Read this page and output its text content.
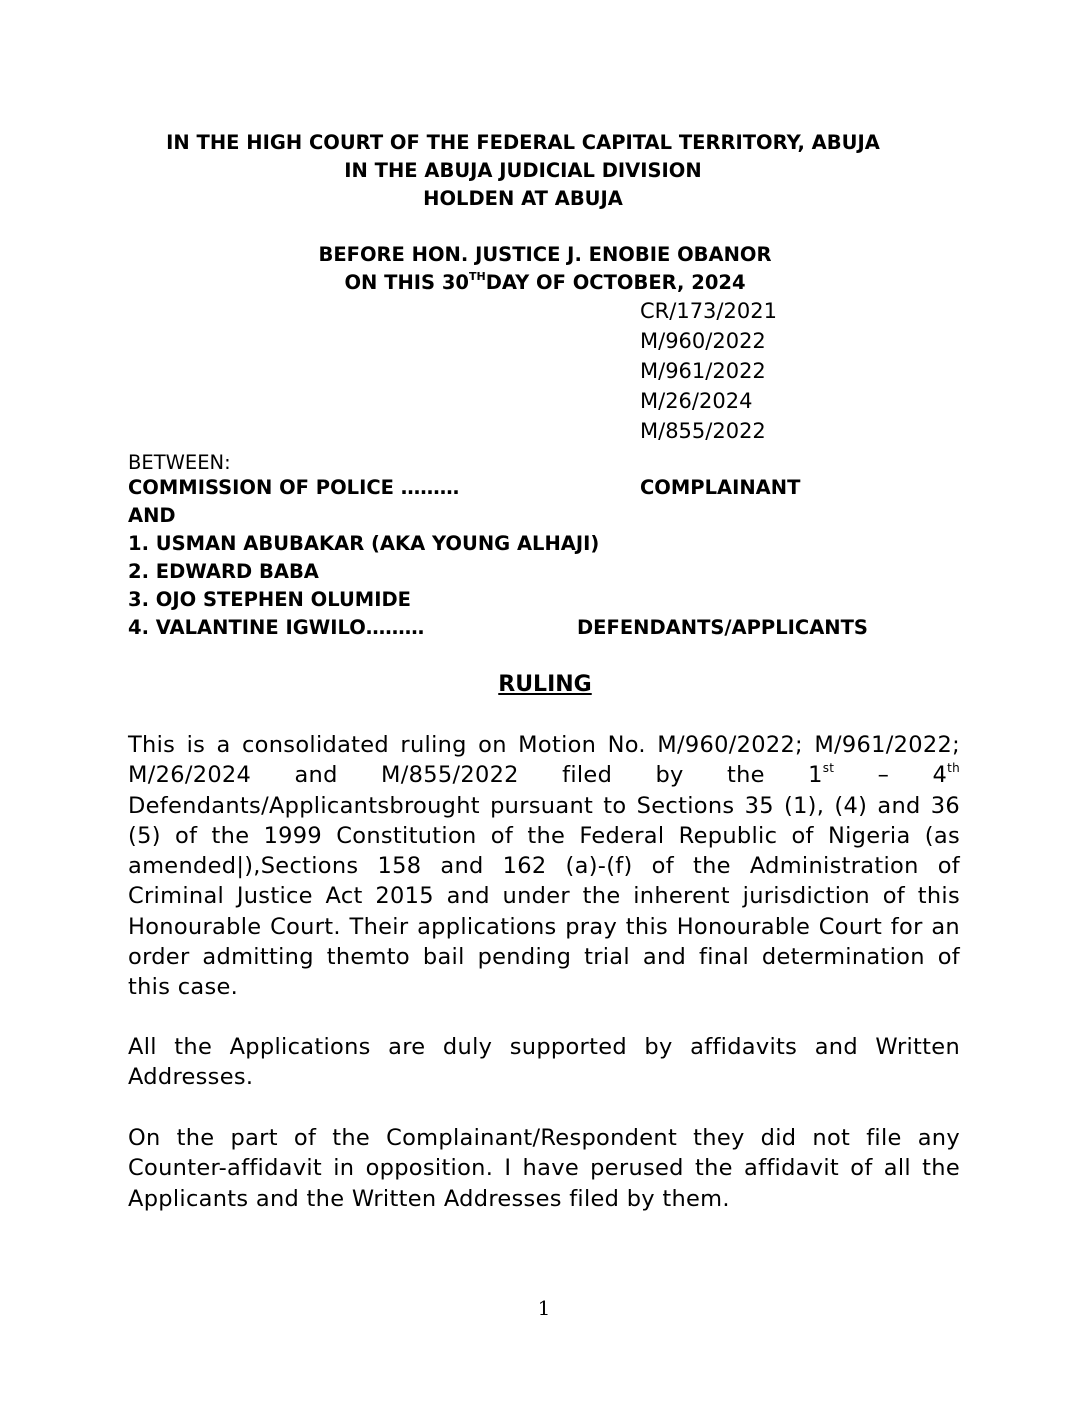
IN THE HIGH COURT OF THE FEDERAL CAPITAL TERRITORY, ABUJA
IN THE ABUJA JUDICIAL DIVISION
HOLDEN AT ABUJA
BEFORE HON. JUSTICE J. ENOBIE OBANOR
ON THIS 30THDAY OF OCTOBER, 2024
CR/173/2021
M/960/2022
M/961/2022
M/26/2024
M/855/2022
BETWEEN:
COMMISSION OF POLICE ………	COMPLAINANT
AND
1. USMAN ABUBAKAR (AKA YOUNG ALHAJI)
2. EDWARD BABA
3. OJO STEPHEN OLUMIDE
4. VALANTINE IGWILO………	DEFENDANTS/APPLICANTS
RULING

This is a consolidated ruling on Motion No. M/960/2022; M/961/2022; M/26/2024 and M/855/2022 filed by the 1st – 4th Defendants/Applicantsbrought pursuant to Sections 35 (1), (4) and 36 (5) of the 1999 Constitution of the Federal Republic of Nigeria (as amended|),Sections 158 and 162 (a)-(f) of the Administration of Criminal Justice Act 2015 and under the inherent jurisdiction of this Honourable Court. Their applications pray this Honourable Court for an order admitting themto bail pending trial and final determination of this case.

All the Applications are duly supported by affidavits and Written Addresses.

On the part of the Complainant/Respondent they did not file any Counter-affidavit in opposition. I have perused the affidavit of all the Applicants and the Written Addresses filed by them.

1
